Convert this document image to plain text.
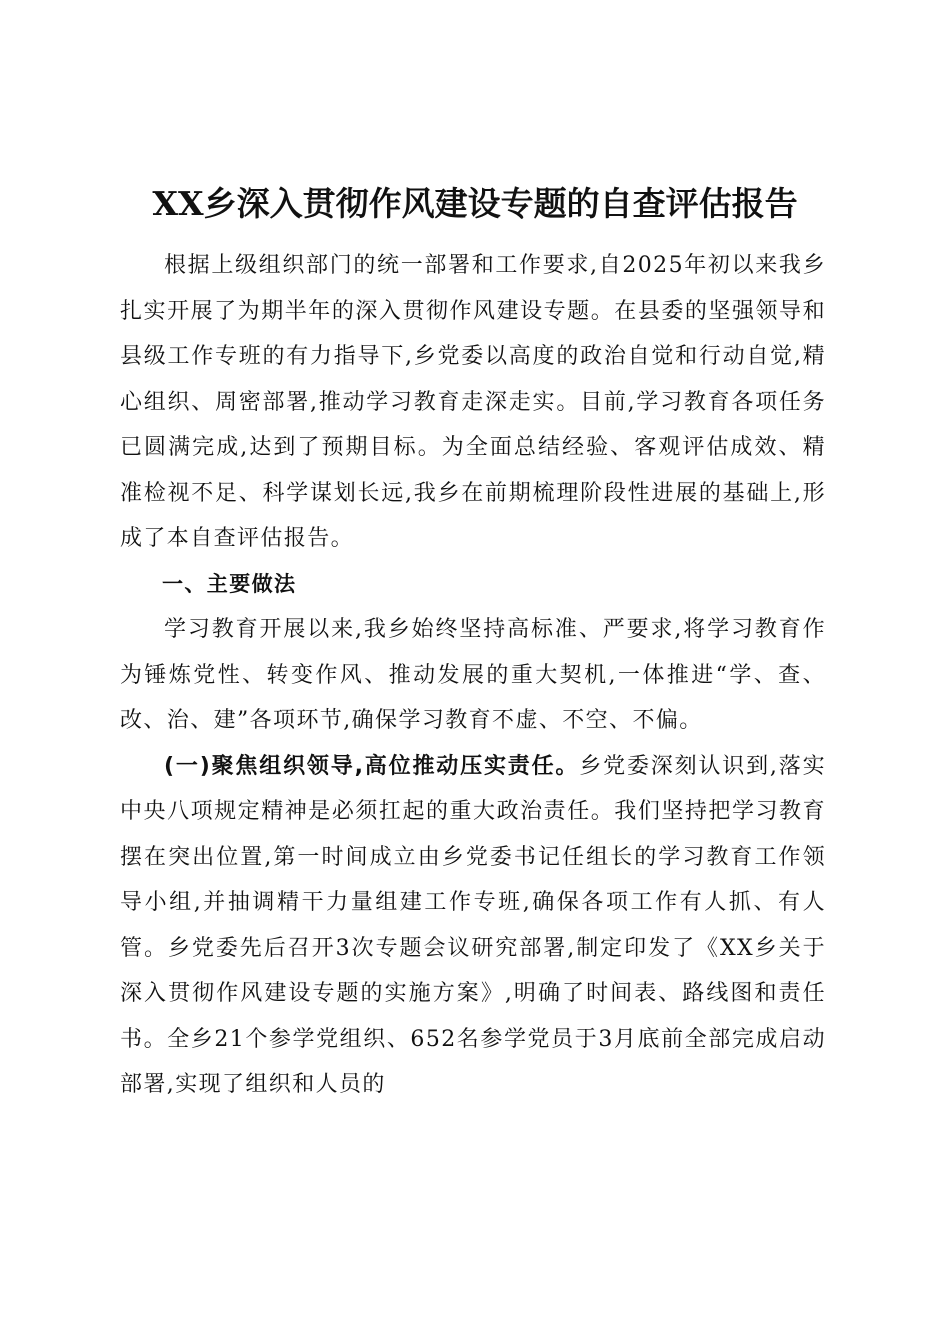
XX乡深入贯彻作风建设专题的自查评估报告

根据上级组织部门的统一部署和工作要求,自2025年初以来我乡扎实开展了为期半年的深入贯彻作风建设专题。在县委的坚强领导和县级工作专班的有力指导下,乡党委以高度的政治自觉和行动自觉,精心组织、周密部署,推动学习教育走深走实。目前,学习教育各项任务已圆满完成,达到了预期目标。为全面总结经验、客观评估成效、精准检视不足、科学谋划长远,我乡在前期梳理阶段性进展的基础上,形成了本自查评估报告。

一、主要做法

学习教育开展以来,我乡始终坚持高标准、严要求,将学习教育作为锤炼党性、转变作风、推动发展的重大契机,一体推进“学、查、改、治、建”各项环节,确保学习教育不虚、不空、不偏。

(一)聚焦组织领导,高位推动压实责任。乡党委深刻认识到,落实中央八项规定精神是必须扛起的重大政治责任。我们坚持把学习教育摆在突出位置,第一时间成立由乡党委书记任组长的学习教育工作领导小组,并抽调精干力量组建工作专班,确保各项工作有人抓、有人管。乡党委先后召开3次专题会议研究部署,制定印发了《XX乡关于深入贯彻作风建设专题的实施方案》,明确了时间表、路线图和责任书。全乡21个参学党组织、652名参学党员于3月底前全部完成启动部署,实现了组织和人员的
